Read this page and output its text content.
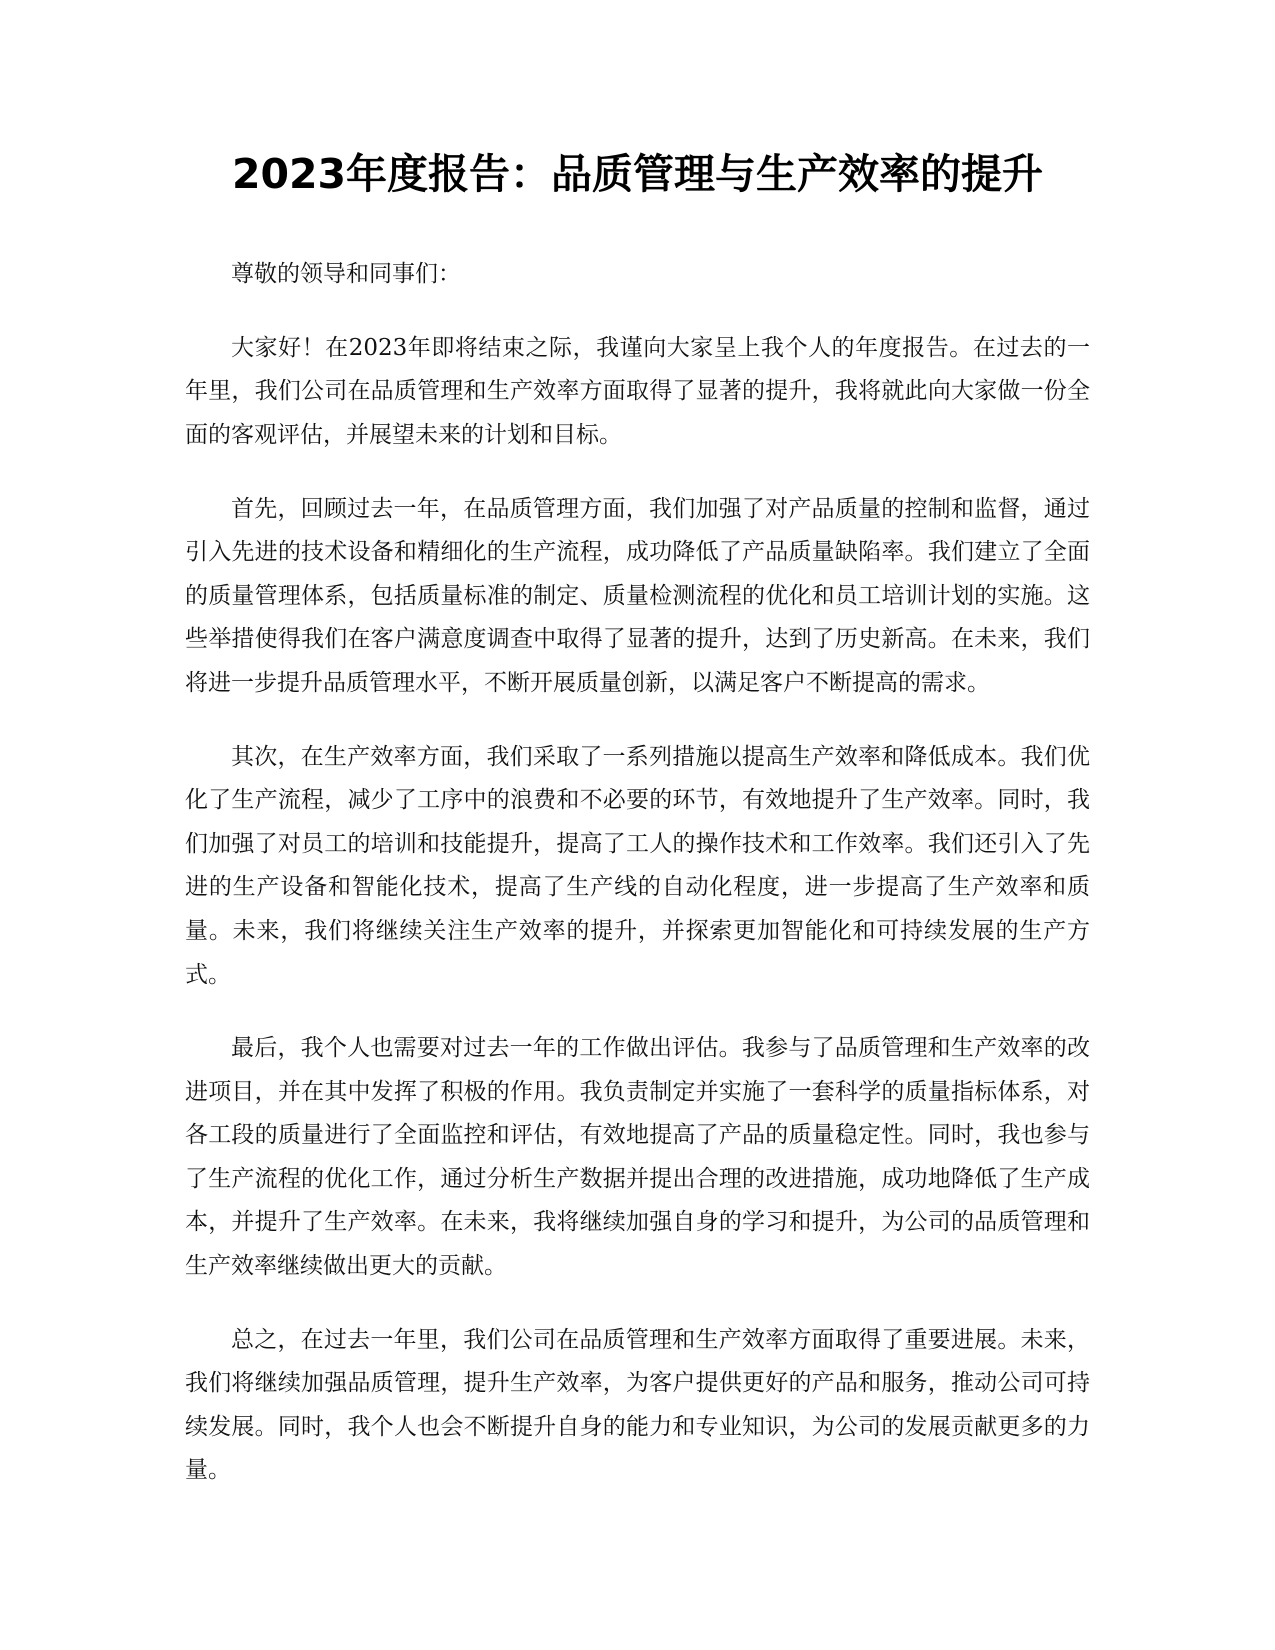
2023年度报告：品质管理与生产效率的提升

尊敬的领导和同事们：

大家好！在2023年即将结束之际，我谨向大家呈上我个人的年度报告。在过去的一年里，我们公司在品质管理和生产效率方面取得了显著的提升，我将就此向大家做一份全面的客观评估，并展望未来的计划和目标。

首先，回顾过去一年，在品质管理方面，我们加强了对产品质量的控制和监督，通过引入先进的技术设备和精细化的生产流程，成功降低了产品质量缺陷率。我们建立了全面的质量管理体系，包括质量标准的制定、质量检测流程的优化和员工培训计划的实施。这些举措使得我们在客户满意度调查中取得了显著的提升，达到了历史新高。在未来，我们将进一步提升品质管理水平，不断开展质量创新，以满足客户不断提高的需求。

其次，在生产效率方面，我们采取了一系列措施以提高生产效率和降低成本。我们优化了生产流程，减少了工序中的浪费和不必要的环节，有效地提升了生产效率。同时，我们加强了对员工的培训和技能提升，提高了工人的操作技术和工作效率。我们还引入了先进的生产设备和智能化技术，提高了生产线的自动化程度，进一步提高了生产效率和质量。未来，我们将继续关注生产效率的提升，并探索更加智能化和可持续发展的生产方式。

最后，我个人也需要对过去一年的工作做出评估。我参与了品质管理和生产效率的改进项目，并在其中发挥了积极的作用。我负责制定并实施了一套科学的质量指标体系，对各工段的质量进行了全面监控和评估，有效地提高了产品的质量稳定性。同时，我也参与了生产流程的优化工作，通过分析生产数据并提出合理的改进措施，成功地降低了生产成本，并提升了生产效率。在未来，我将继续加强自身的学习和提升，为公司的品质管理和生产效率继续做出更大的贡献。

总之，在过去一年里，我们公司在品质管理和生产效率方面取得了重要进展。未来，我们将继续加强品质管理，提升生产效率，为客户提供更好的产品和服务，推动公司可持续发展。同时，我个人也会不断提升自身的能力和专业知识，为公司的发展贡献更多的力量。
